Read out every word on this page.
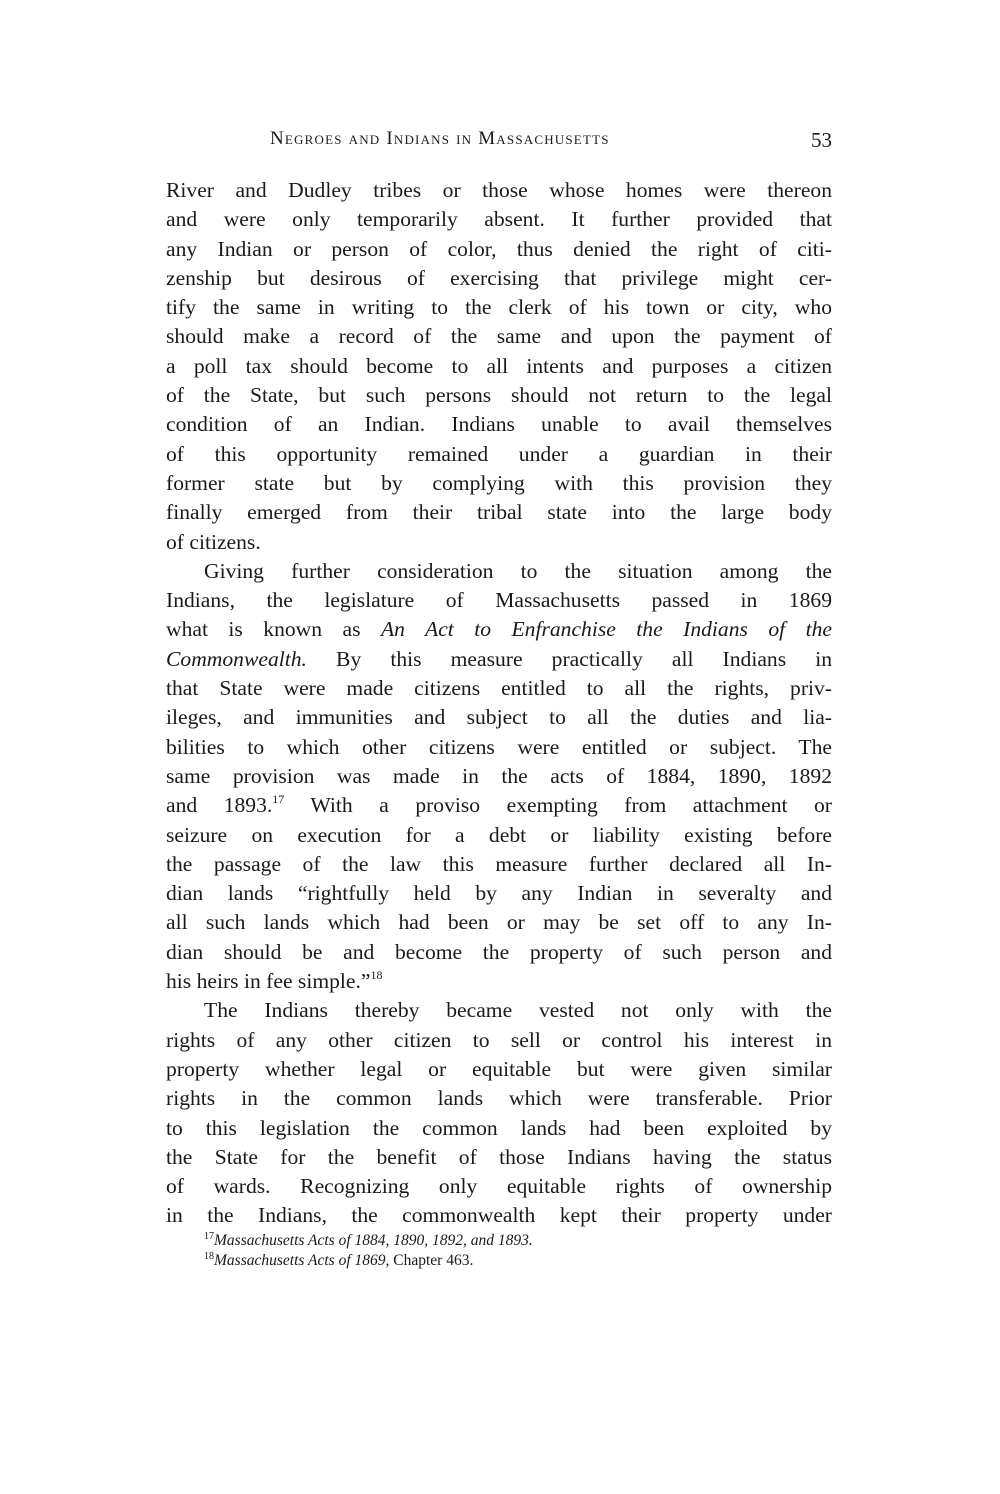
Negroes and Indians in Massachusetts	53
River and Dudley tribes or those whose homes were thereon
and were only temporarily absent. It further provided that
any Indian or person of color, thus denied the right of citi-
zenship but desirous of exercising that privilege might cer-
tify the same in writing to the clerk of his town or city, who
should make a record of the same and upon the payment of
a poll tax should become to all intents and purposes a citizen
of the State, but such persons should not return to the legal
condition of an Indian. Indians unable to avail themselves
of this opportunity remained under a guardian in their
former state but by complying with this provision they
finally emerged from their tribal state into the large body
of citizens.
Giving further consideration to the situation among the
Indians, the legislature of Massachusetts passed in 1869
what is known as An Act to Enfranchise the Indians of the
Commonwealth. By this measure practically all Indians in
that State were made citizens entitled to all the rights, priv-
ileges, and immunities and subject to all the duties and lia-
bilities to which other citizens were entitled or subject. The
same provision was made in the acts of 1884, 1890, 1892
and 1893.17 With a proviso exempting from attachment or
seizure on execution for a debt or liability existing before
the passage of the law this measure further declared all In-
dian lands “rightfully held by any Indian in severalty and
all such lands which had been or may be set off to any In-
dian should be and become the property of such person and
his heirs in fee simple.”$^{18}$
The Indians thereby became vested not only with the
rights of any other citizen to sell or control his interest in
property whether legal or equitable but were given similar
rights in the common lands which were transferable. Prior
to this legislation the common lands had been exploited by
the State for the benefit of those Indians having the status
of wards. Recognizing only equitable rights of ownership
in the Indians, the commonwealth kept their property under
$^{17}$Massachusetts Acts of 1884, 1890, 1892, and 1893.
$^{18}$Massachusetts Acts of 1869, Chapter 463.
